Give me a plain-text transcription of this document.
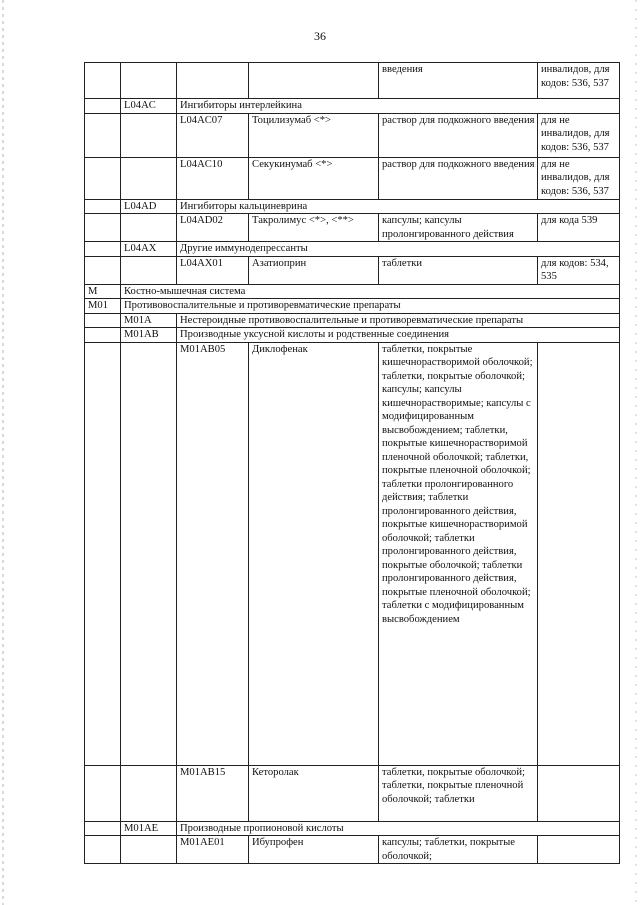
36
				введения	инвалидов, для кодов: 536, 537
	L04AC	Ингибиторы интерлейкина			
		L04AC07	Тоцилизумаб <*>	раствор для подкожного введения	для не инвалидов, для кодов: 536, 537
		L04AC10	Секукинумаб <*>	раствор для подкожного введения	для не инвалидов, для кодов: 536, 537
	L04AD	Ингибиторы кальциневрина			
		L04AD02	Такролимус <*>, <**>	капсулы; капсулы пролонгированного действия	для кода 539
	L04AX	Другие иммунодепрессанты			
		L04AX01	Азатиоприн	таблетки	для кодов: 534, 535
M	Костно-мышечная система				
M01	Противовоспалительные и противоревматические препараты				
	M01A	Нестероидные противовоспалительные и противоревматические препараты			
	M01AB	Производные уксусной кислоты и родственные соединения			
		M01AB05	Диклофенак	таблетки, покрытые кишечнорастворимой оболочкой; таблетки, покрытые оболочкой; капсулы; капсулы кишечнорастворимые; капсулы с модифицированным высвобождением; таблетки, покрытые кишечнорастворимой пленочной оболочкой; таблетки, покрытые пленочной оболочкой; таблетки пролонгированного действия; таблетки пролонгированного действия, покрытые кишечнорастворимой оболочкой; таблетки пролонгированного действия, покрытые оболочкой; таблетки пролонгированного действия, покрытые пленочной оболочкой; таблетки с модифицированным высвобождением	
		M01AB15	Кеторолак	таблетки, покрытые оболочкой; таблетки, покрытые пленочной оболочкой; таблетки	
	M01AE	Производные пропионовой кислоты			
		M01AE01	Ибупрофен	капсулы; таблетки, покрытые оболочкой;	
